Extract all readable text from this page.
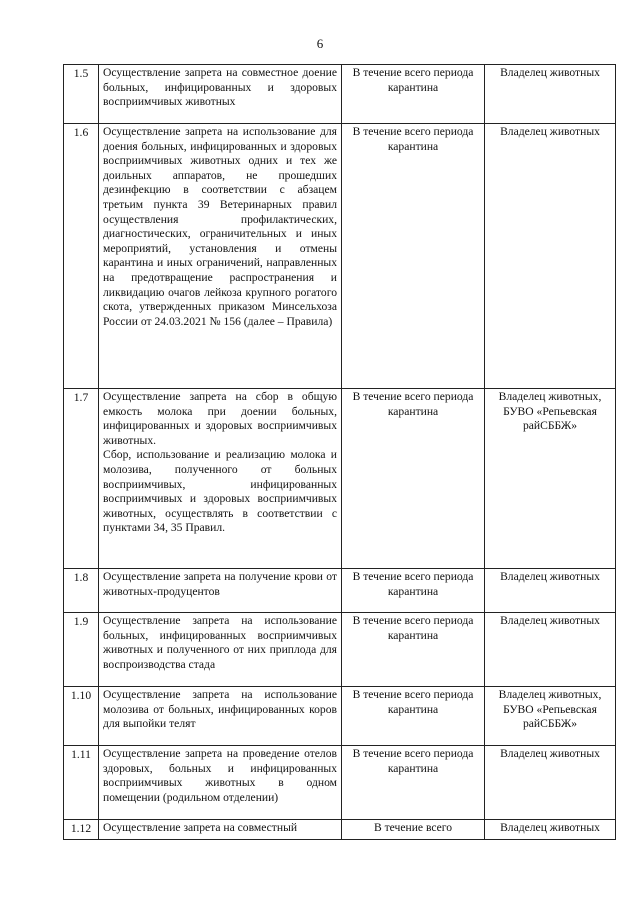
6
1.5	Осуществление запрета на совместное доение больных, инфицированных и здоровых восприимчивых животных	В течение всего периода карантина	Владелец животных

1.6	Осуществление запрета на использование для доения больных, инфицированных и здоровых восприимчивых животных одних и тех же доильных аппаратов, не прошедших дезинфекцию в соответствии с абзацем третьим пункта 39 Ветеринарных правил осуществления профилактических, диагностических, ограничительных и иных мероприятий, установления и отмены карантина и иных ограничений, направленных на предотвращение распространения и ликвидацию очагов лейкоза крупного рогатого скота, утвержденных приказом Минсельхоза России от 24.03.2021 № 156 (далее – Правила)	В течение всего периода карантина	Владелец животных

1.7	Осуществление запрета на сбор в общую емкость молока при доении больных, инфицированных и здоровых восприимчивых животных.
Сбор, использование и реализацию молока и молозива, полученного от больных восприимчивых, инфицированных восприимчивых и здоровых восприимчивых животных, осуществлять в соответствии с пунктами 34, 35 Правил.	В течение всего периода карантина	Владелец животных,
БУВО «Репьевская райСББЖ»

1.8	Осуществление запрета на получение крови от животных-продуцентов	В течение всего периода карантина	Владелец животных

1.9	Осуществление запрета на использование больных, инфицированных восприимчивых животных и полученного от них приплода для воспроизводства стада	В течение всего периода карантина	Владелец животных

1.10	Осуществление запрета на использование молозива от больных, инфицированных коров для выпойки телят	В течение всего периода карантина	Владелец животных,
БУВО «Репьевская райСББЖ»

1.11	Осуществление запрета на проведение отелов здоровых, больных и инфицированных восприимчивых животных в одном помещении (родильном отделении)	В течение всего периода карантина	Владелец животных

1.12	Осуществление запрета на совместный	В течение всего	Владелец животных
